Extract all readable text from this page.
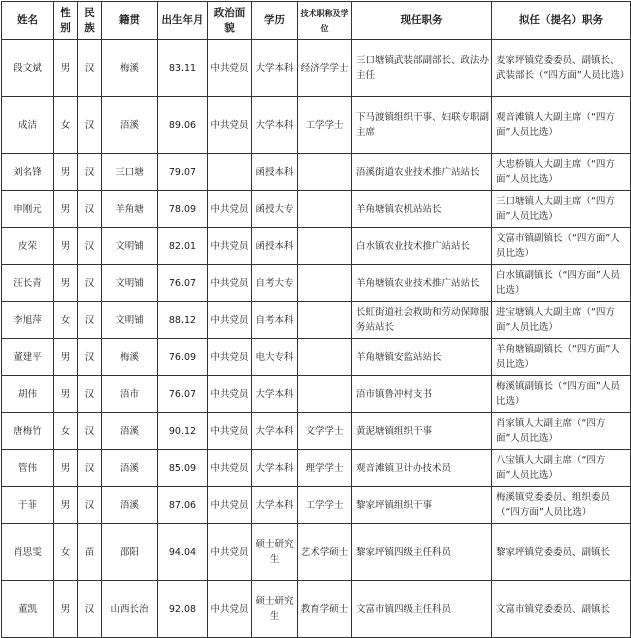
姓名	性别	民族	籍贯	出生年月	政治面貌	学历	技术职称及学位	现任职务	拟任（提名）职务
段文斌	男	汉	梅溪	83.11	中共党员	大学本科	经济学学士	三口塘镇武装部副部长、政法办主任	麦家坪镇党委委员、副镇长、武装部长（“四方面”人员比选）
成洁	女	汉	浯溪	89.06	中共党员	大学本科	工学学士	下马渡镇组织干事、妇联专职副主席	观音滩镇人大副主席（“四方面”人员比选）
刘名锋	男	汉	三口塘	79.07		函授本科		浯溪街道农业技术推广站站长	大忠桥镇人大副主席（“四方面”人员比选）
申刚元	男	汉	羊角塘	78.09	中共党员	函授大专		羊角塘镇农机站站长	三口塘镇人大副主席（“四方面”人员比选）
皮荣	男	汉	文明铺	82.01	中共党员	函授本科		白水镇农业技术推广站站长	文富市镇副镇长（“四方面”人员比选）
汪长青	男	汉	文明铺	76.07	中共党员	自考大专		羊角塘镇农业技术推广站站长	白水镇副镇长（“四方面”人员比选）
李旭萍	女	汉	文明铺	88.12	中共党员	自考本科		长虹街道社会救助和劳动保障服务站站长	进宝塘镇人大副主席（“四方面”人员比选）
董建平	男	汉	梅溪	76.09	中共党员	电大专科		羊角塘镇安监站站长	羊角塘镇副镇长（“四方面”人员比选）
胡伟	男	汉	浯市	76.07	中共党员	大学本科		浯市镇鲁冲村支书	梅溪镇副镇长（“四方面”人员比选）
唐梅竹	女	汉	浯溪	90.12	中共党员	大学本科	文学学士	黄泥塘镇组织干事	肖家镇人大副主席（“四方面”人员比选）
管伟	男	汉	浯溪	85.09	中共党员	大学本科	理学学士	观音滩镇卫计办技术员	八宝镇人大副主席（“四方面”人员比选）
于菲	男	汉	浯溪	87.06	中共党员	大学本科	工学学士	黎家坪镇组织干事	梅溪镇党委委员、组织委员（“四方面”人员比选）
肖思雯	女	苗	邵阳	94.04	中共党员	硕士研究生	艺术学硕士	黎家坪镇四级主任科员	黎家坪镇党委委员、副镇长
董凯	男	汉	山西长治	92.08	中共党员	硕士研究生	教育学硕士	文富市镇四级主任科员	文富市镇党委委员、副镇长
